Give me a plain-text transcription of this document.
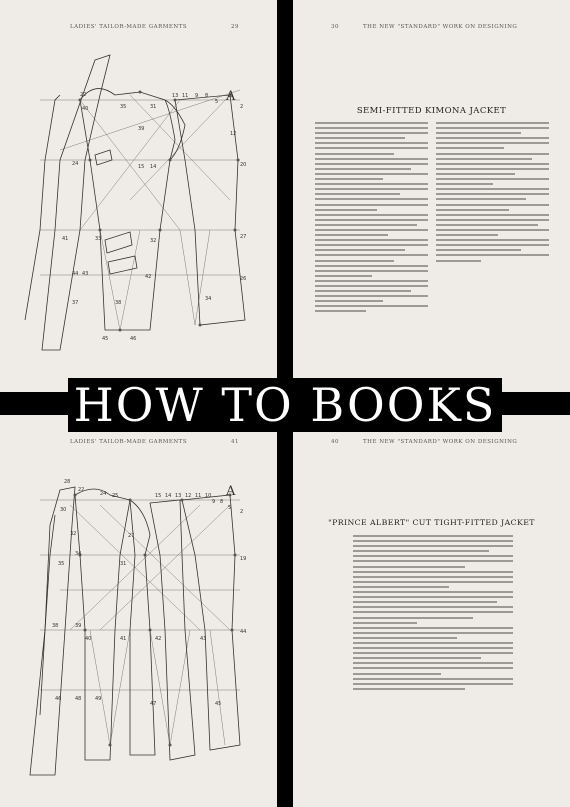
LADIES' TAILOR-MADE GARMENTS	29
A
13 11 9 8
5
2
22
40	35	31
39
12
15 14
24	20
41	33	32
27
44 43	42	26
37	38
34
45	46
30	THE NEW "STANDARD" WORK ON DESIGNING
SEMI-FITTED KIMONA JACKET
LADIES' TAILOR-MADE GARMENTS	41
A
28
22
24 25	15 14 13 12 11 10
9 8
5
2
30
32
34
27
35	31
19
38	39
40	41	42	43
44
46	48	49
47	45
40	THE NEW "STANDARD" WORK ON DESIGNING
"PRINCE ALBERT" CUT TIGHT-FITTED JACKET
HOW TO BOOKS
